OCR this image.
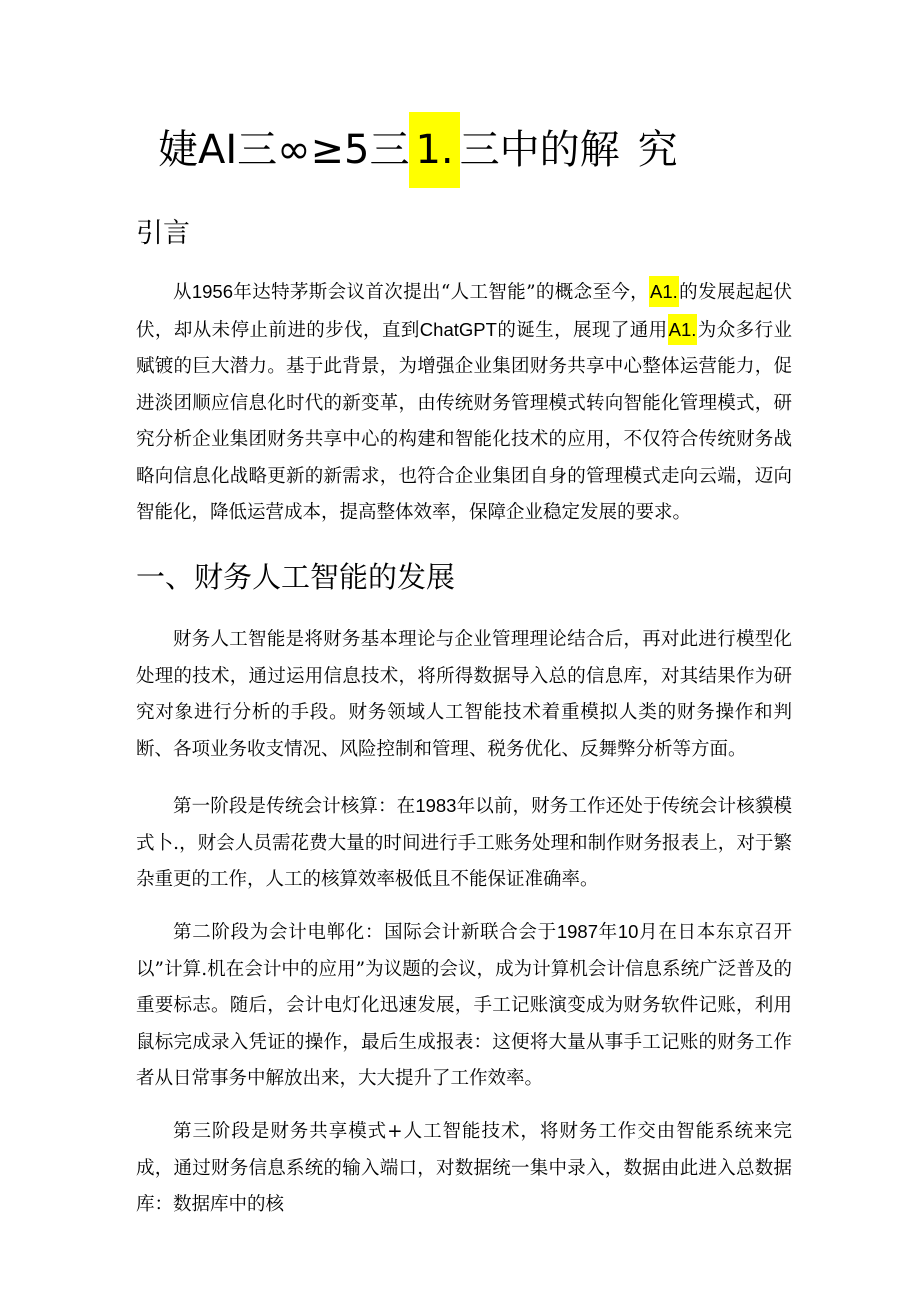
婕AI三∞≥5三 1. 三中的解 究
引言

从1956年达特茅斯会议首次提出“人工智能”的概念至今，A1.的发展起起伏伏，却从未停止前进的步伐，直到ChatGPT的诞生，展现了通用A1.为众多行业赋镀的巨大潜力。基于此背景，为增强企业集团财务共享中心整体运营能力，促进淡团顺应信息化时代的新变革，由传统财务管理模式转向智能化管理模式，研究分析企业集团财务共享中心的构建和智能化技术的应用，不仅符合传统财务战略向信息化战略更新的新需求，也符合企业集团自身的管理模式走向云端，迈向智能化，降低运营成本，提高整体效率，保障企业稳定发展的要求。

一、财务人工智能的发展

财务人工智能是将财务基本理论与企业管理理论结合后，再对此进行模型化处理的技术，通过运用信息技术，将所得数据导入总的信息库，对其结果作为研究对象进行分析的手段。财务领域人工智能技术着重模拟人类的财务操作和判断、各项业务收支情况、风险控制和管理、税务优化、反舞弊分析等方面。

第一阶段是传统会计核算：在1983年以前，财务工作还处于传统会计核貘模式卜.，财会人员需花费大量的时间进行手工账务处理和制作财务报表上，对于繁杂重更的工作，人工的核算效率极低且不能保证准确率。

第二阶段为会计电郸化：国际会计新联合会于1987年10月在日本东京召开以”计算.机在会计中的应用”为议题的会议，成为计算机会计信息系统广泛普及的重要标志。随后，会计电灯化迅速发展，手工记账演变成为财务软件记账，利用鼠标完成录入凭证的操作，最后生成报表：这便将大量从事手工记账的财务工作者从日常事务中解放出来，大大提升了工作效率。

第三阶段是财务共享模式+人工智能技术，将财务工作交由智能系统来完成，通过财务信息系统的输入端口，对数据统一集中录入，数据由此进入总数据库：数据库中的核
